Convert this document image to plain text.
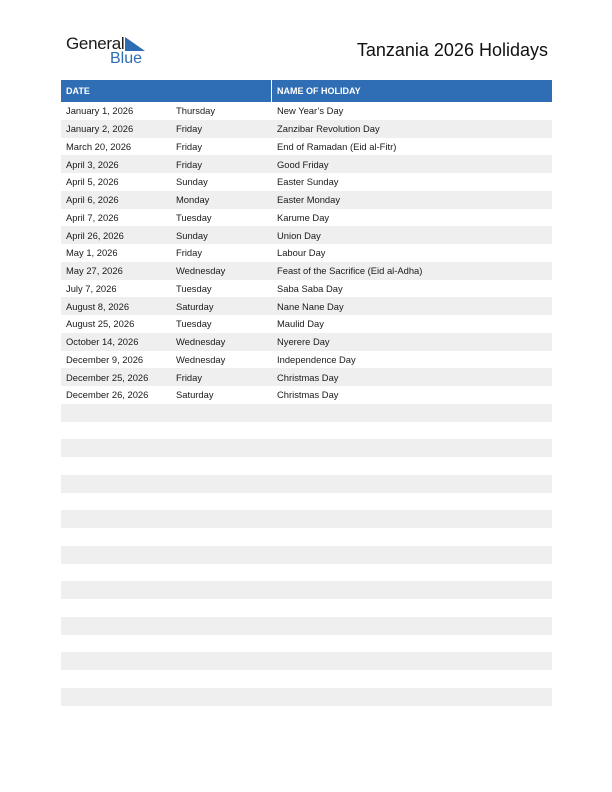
General
Blue	Tanzania 2026 Holidays
DATE	NAME OF HOLIDAY
January 1, 2026	Thursday	New Year’s Day
January 2, 2026	Friday	Zanzibar Revolution Day
March 20, 2026	Friday	End of Ramadan (Eid al-Fitr)
April 3, 2026	Friday	Good Friday
April 5, 2026	Sunday	Easter Sunday
April 6, 2026	Monday	Easter Monday
April 7, 2026	Tuesday	Karume Day
April 26, 2026	Sunday	Union Day
May 1, 2026	Friday	Labour Day
May 27, 2026	Wednesday	Feast of the Sacrifice (Eid al-Adha)
July 7, 2026	Tuesday	Saba Saba Day
August 8, 2026	Saturday	Nane Nane Day
August 25, 2026	Tuesday	Maulid Day
October 14, 2026	Wednesday	Nyerere Day
December 9, 2026	Wednesday	Independence Day
December 25, 2026	Friday	Christmas Day
December 26, 2026	Saturday	Christmas Day
